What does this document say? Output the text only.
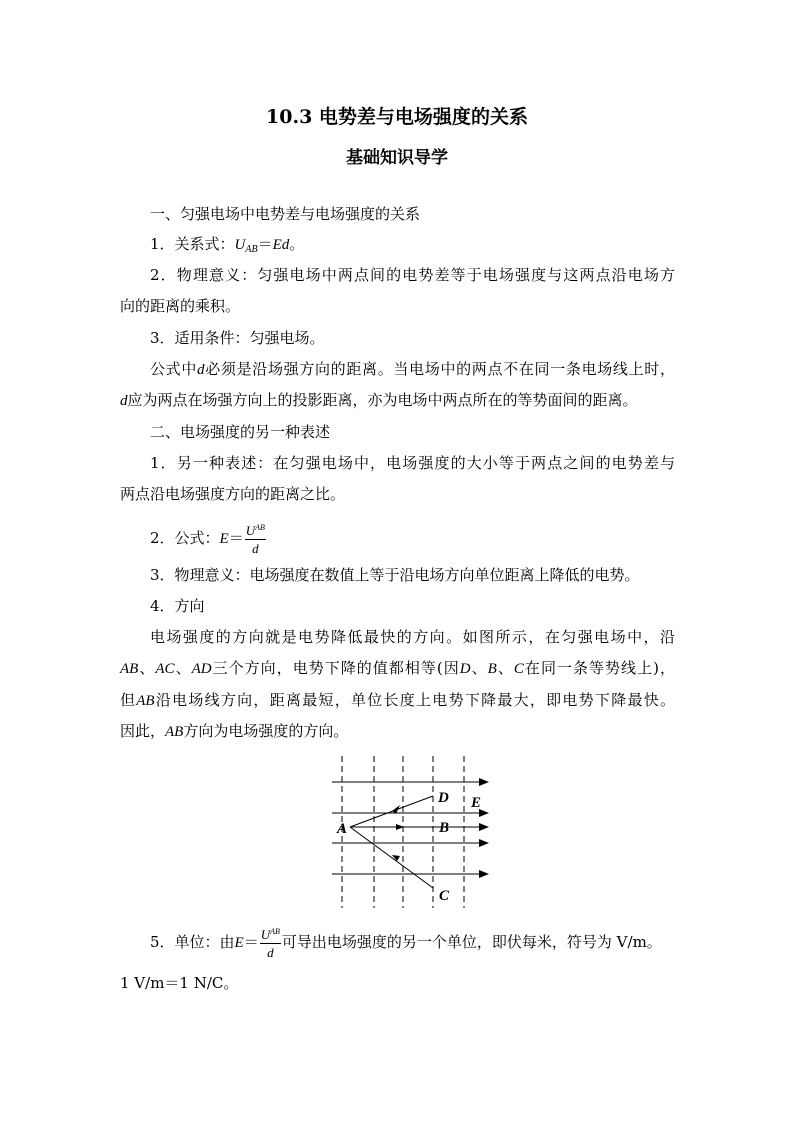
10.3 电势差与电场强度的关系
基础知识导学
一、匀强电场中电势差与电场强度的关系
1．关系式：$U_{AB}=Ed$。
2．物理意义：匀强电场中两点间的电势差等于电场强度与这两点沿电场方
向的距离的乘积。
3．适用条件：匀强电场。
公式中d必须是沿场强方向的距离。当电场中的两点不在同一条电场线上时，
d应为两点在场强方向上的投影距离，亦为电场中两点所在的等势面间的距离。
二、电场强度的另一种表述
1．另一种表述：在匀强电场中，电场强度的大小等于两点之间的电势差与
两点沿电场强度方向的距离之比。
2．公式：$E= \frac{U^{AB}}{d}$
3．物理意义：电场强度在数值上等于沿电场方向单位距离上降低的电势。
4．方向
电场强度的方向就是电势降低最快的方向。如图所示，在匀强电场中，沿
AB、AC、AD三个方向，电势下降的值都相等(因D、B、C在同一条等势线上)，
但AB沿电场线方向，距离最短，单位长度上电势下降最大，即电势下降最快。
因此，AB方向为电场强度的方向。
A	B
C
D E
5．单位：由$E= \frac{U^{AB}}{d}$ 可导出电场强度的另一个单位，即伏每米，符号为 V/m。
1 V/m＝1 N/C。
